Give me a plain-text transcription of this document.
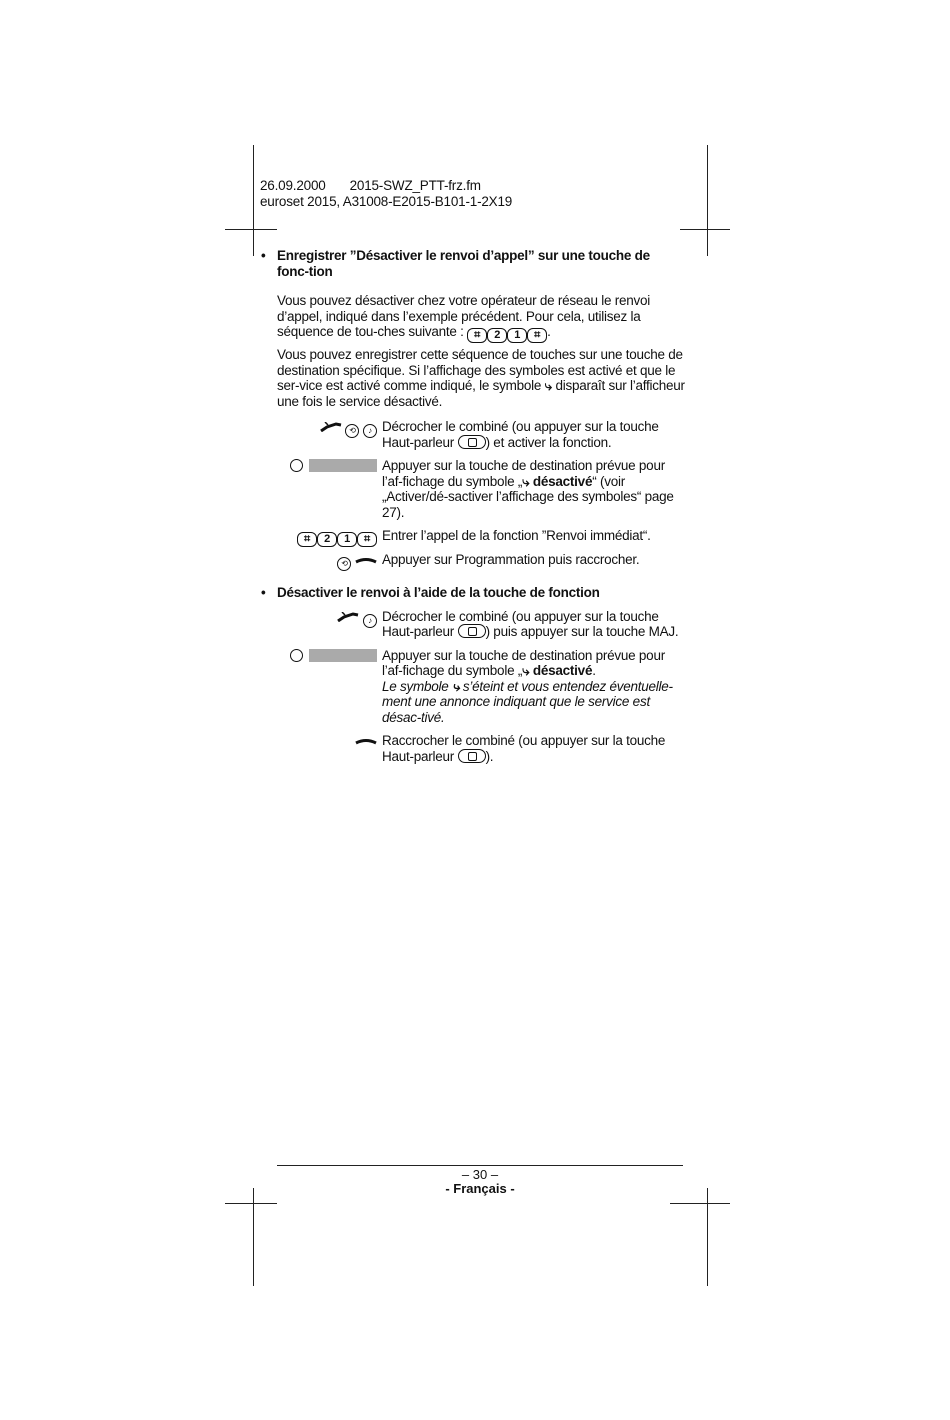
26.09.2000 2015-SWZ_PTT-frz.fm
euroset 2015, A31008-E2015-B101-1-2X19
• Enregistrer ”Désactiver le renvoi d’appel” sur une touche de fonc-tion

Vous pouvez désactiver chez votre opérateur de réseau le renvoi d’appel, indiqué dans l’exemple précédent. Pour cela, utilisez la séquence de tou-ches suivante : ⌗ 2 1 ⌗ .

Vous pouvez enregistrer cette séquence de touches sur une touche de destination spécifique. Si l’affichage des symboles est activé et que le ser-vice est activé comme indiqué, le symbole ⤷ disparaît sur l’afficheur une fois le service désactivé.

⟲ ♪ Décrocher le combiné (ou appuyer sur la touche Haut-parleur ) et activer la fonction.
Appuyer sur la touche de destination prévue pour l’af-fichage du symbole „⤷ désactivé“ (voir „Activer/dé-sactiver l’affichage des symboles“ page 27).
⌗ 2 1 ⌗ Entrer l’appel de la fonction ”Renvoi immédiat“.
⟲	Appuyer sur Programmation puis raccrocher.
• Désactiver le renvoi à l’aide de la touche de fonction
♪ Décrocher le combiné (ou appuyer sur la touche Haut-parleur ) puis appuyer sur la touche MAJ.
Appuyer sur la touche de destination prévue pour l’af-fichage du symbole „⤷ désactivé.
Le symbole ⤷ s’éteint et vous entendez éventuelle-ment une annonce indiquant que le service est désac-tivé.
Raccrocher le combiné (ou appuyer sur la touche Haut-parleur ).
– 30 –
- Français -
